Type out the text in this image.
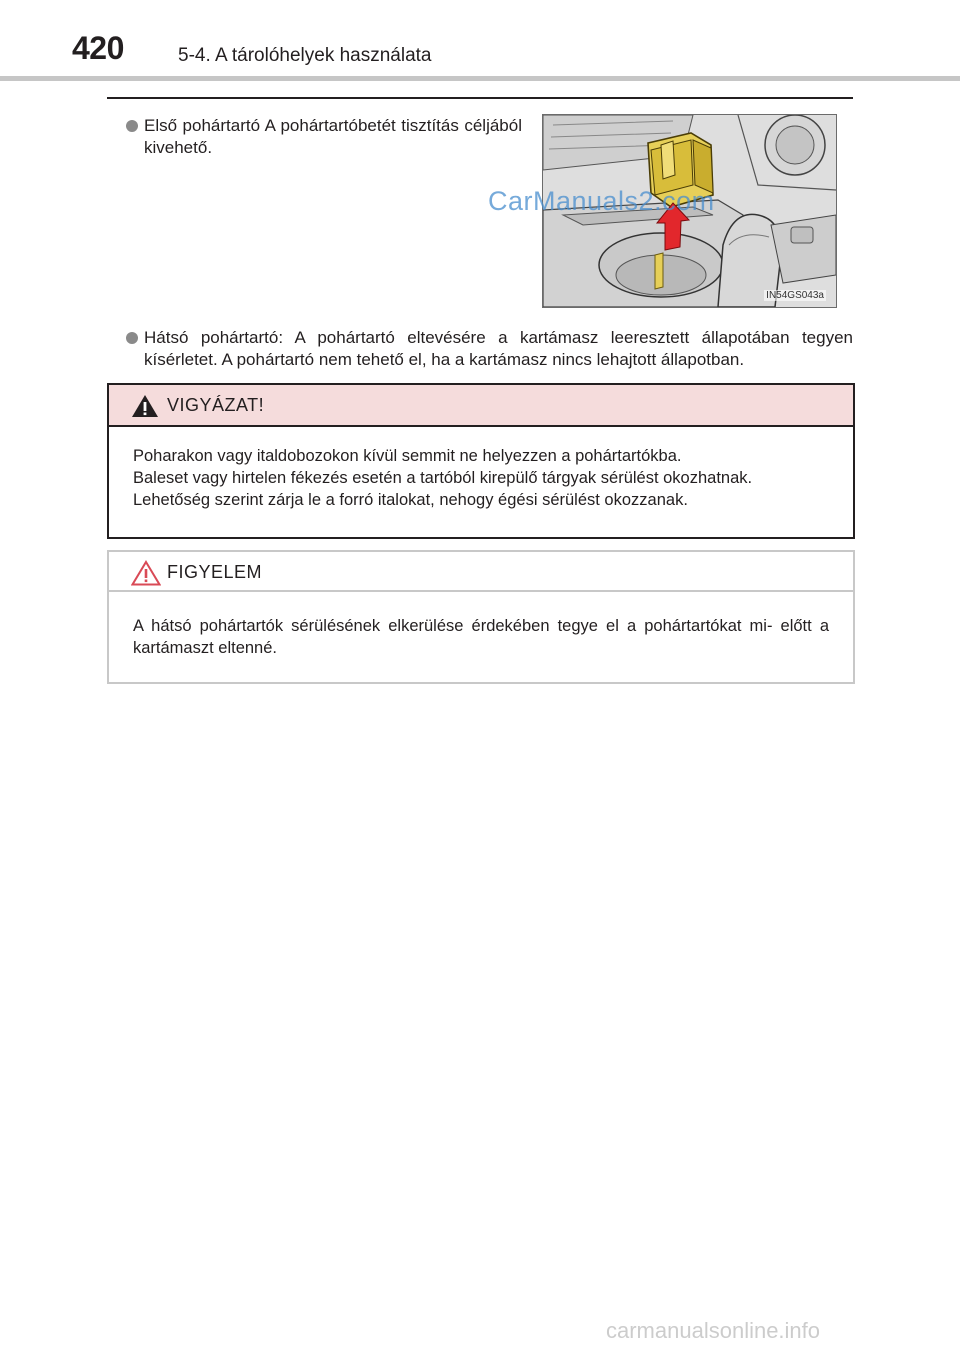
420	5-4. A tárolóhelyek használata
Első pohártartó A pohártartóbetét tisztítás céljából kivehető.
IN54GS043a
Hátsó pohártartó: A pohártartó eltevésére a kartámasz leeresztett állapotában tegyen kísérletet. A pohártartó nem tehető el, ha a kartámasz nincs lehajtott állapotban.
VIGYÁZAT!

Poharakon vagy italdobozokon kívül semmit ne helyezzen a pohártartókba.

Baleset vagy hirtelen fékezés esetén a tartóból kirepülő tárgyak sérülést okozhatnak.

Lehetőség szerint zárja le a forró italokat, nehogy égési sérülést okozzanak.

FIGYELEM

A hátsó pohártartók sérülésének elkerülése érdekében tegye el a pohártartókat mi- előtt a kartámaszt eltenné.

CarManuals2.com
carmanualsonline.info
